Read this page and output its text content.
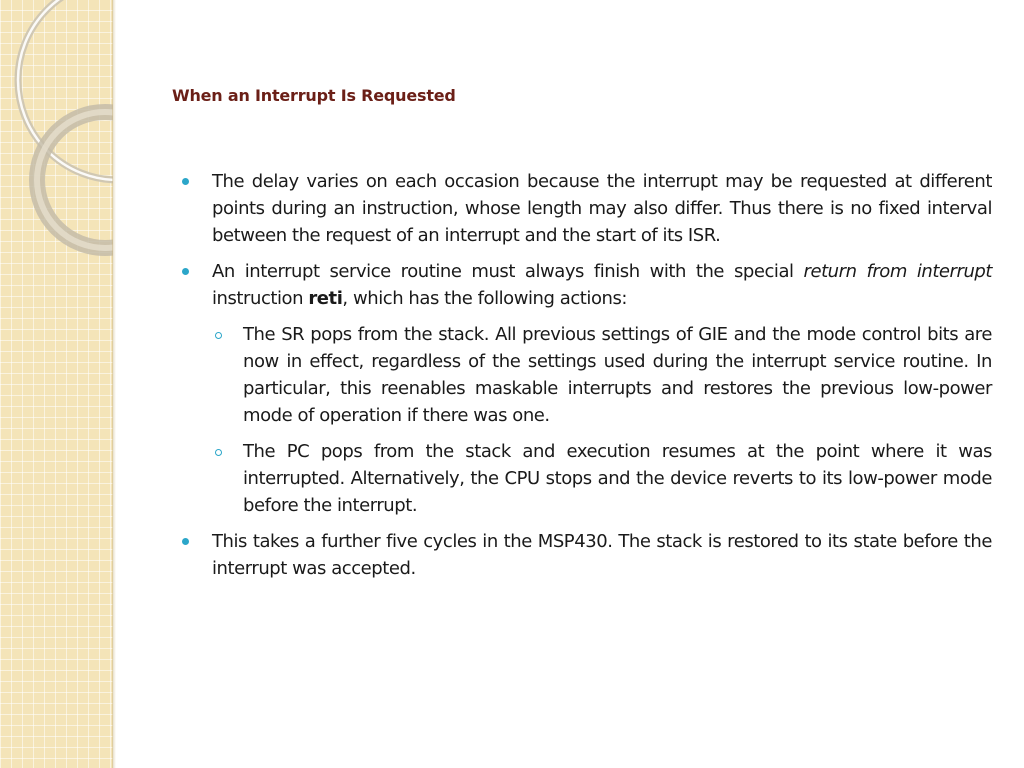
When an Interrupt Is Requested

The delay varies on each occasion because the interrupt may be requested at different points during an instruction, whose length may also differ. Thus there is no fixed interval between the request of an interrupt and the start of its ISR.

An interrupt service routine must always finish with the special return from interrupt instruction reti, which has the following actions:

The SR pops from the stack. All previous settings of GIE and the mode control bits are now in effect, regardless of the settings used during the interrupt service routine. In particular, this reenables maskable interrupts and restores the previous low-power mode of operation if there was one.

The PC pops from the stack and execution resumes at the point where it was interrupted. Alternatively, the CPU stops and the device reverts to its low-power mode before the interrupt.

This takes a further five cycles in the MSP430. The stack is restored to its state before the interrupt was accepted.
